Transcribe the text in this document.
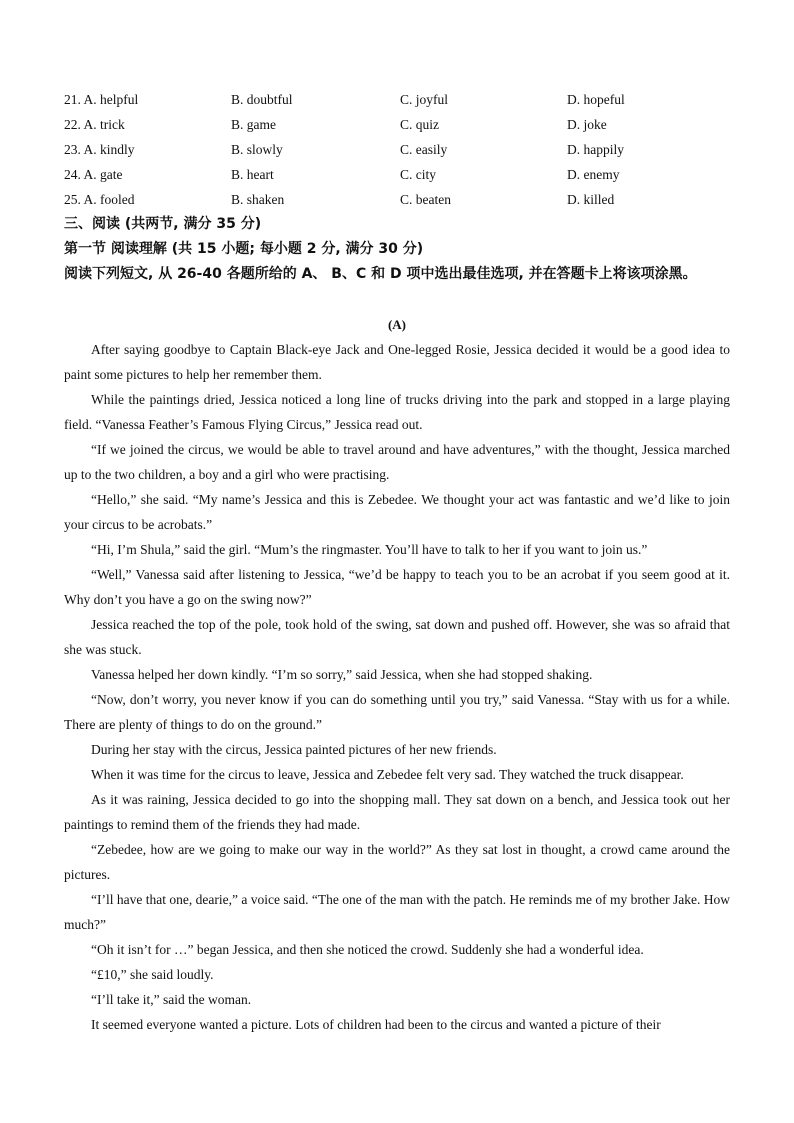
21. A. helpful	B. doubtful	C. joyful	D. hopeful
22. A. trick	B. game	C. quiz	D. joke
23. A. kindly	B. slowly	C. easily	D. happily
24. A. gate	B. heart	C. city	D. enemy
25. A. fooled	B. shaken	C. beaten	D. killed

三、阅读 (共两节, 满分 35 分)

第一节 阅读理解 (共 15 小题; 每小题 2 分, 满分 30 分)

阅读下列短文, 从 26-40 各题所给的 A、 B、C 和 D 项中选出最佳选项, 并在答题卡上将该项涂黑。

(A)

After saying goodbye to Captain Black-eye Jack and One-legged Rosie, Jessica decided it would be a good idea to paint some pictures to help her remember them.

While the paintings dried, Jessica noticed a long line of trucks driving into the park and stopped in a large playing field. “Vanessa Feather’s Famous Flying Circus,” Jessica read out.

“If we joined the circus, we would be able to travel around and have adventures,” with the thought, Jessica marched up to the two children, a boy and a girl who were practising.

“Hello,” she said. “My name’s Jessica and this is Zebedee. We thought your act was fantastic and we’d like to join your circus to be acrobats.”

“Hi, I’m Shula,” said the girl. “Mum’s the ringmaster. You’ll have to talk to her if you want to join us.”

“Well,” Vanessa said after listening to Jessica, “we’d be happy to teach you to be an acrobat if you seem good at it. Why don’t you have a go on the swing now?”

Jessica reached the top of the pole, took hold of the swing, sat down and pushed off. However, she was so afraid that she was stuck.

Vanessa helped her down kindly. “I’m so sorry,” said Jessica, when she had stopped shaking.

“Now, don’t worry, you never know if you can do something until you try,” said Vanessa. “Stay with us for a while. There are plenty of things to do on the ground.”

During her stay with the circus, Jessica painted pictures of her new friends.

When it was time for the circus to leave, Jessica and Zebedee felt very sad. They watched the truck disappear.

As it was raining, Jessica decided to go into the shopping mall. They sat down on a bench, and Jessica took out her paintings to remind them of the friends they had made.

“Zebedee, how are we going to make our way in the world?” As they sat lost in thought, a crowd came around the pictures.

“I’ll have that one, dearie,” a voice said. “The one of the man with the patch. He reminds me of my brother Jake. How much?”

“Oh it isn’t for …” began Jessica, and then she noticed the crowd. Suddenly she had a wonderful idea.

“£10,” she said loudly.

“I’ll take it,” said the woman.

It seemed everyone wanted a picture. Lots of children had been to the circus and wanted a picture of their
